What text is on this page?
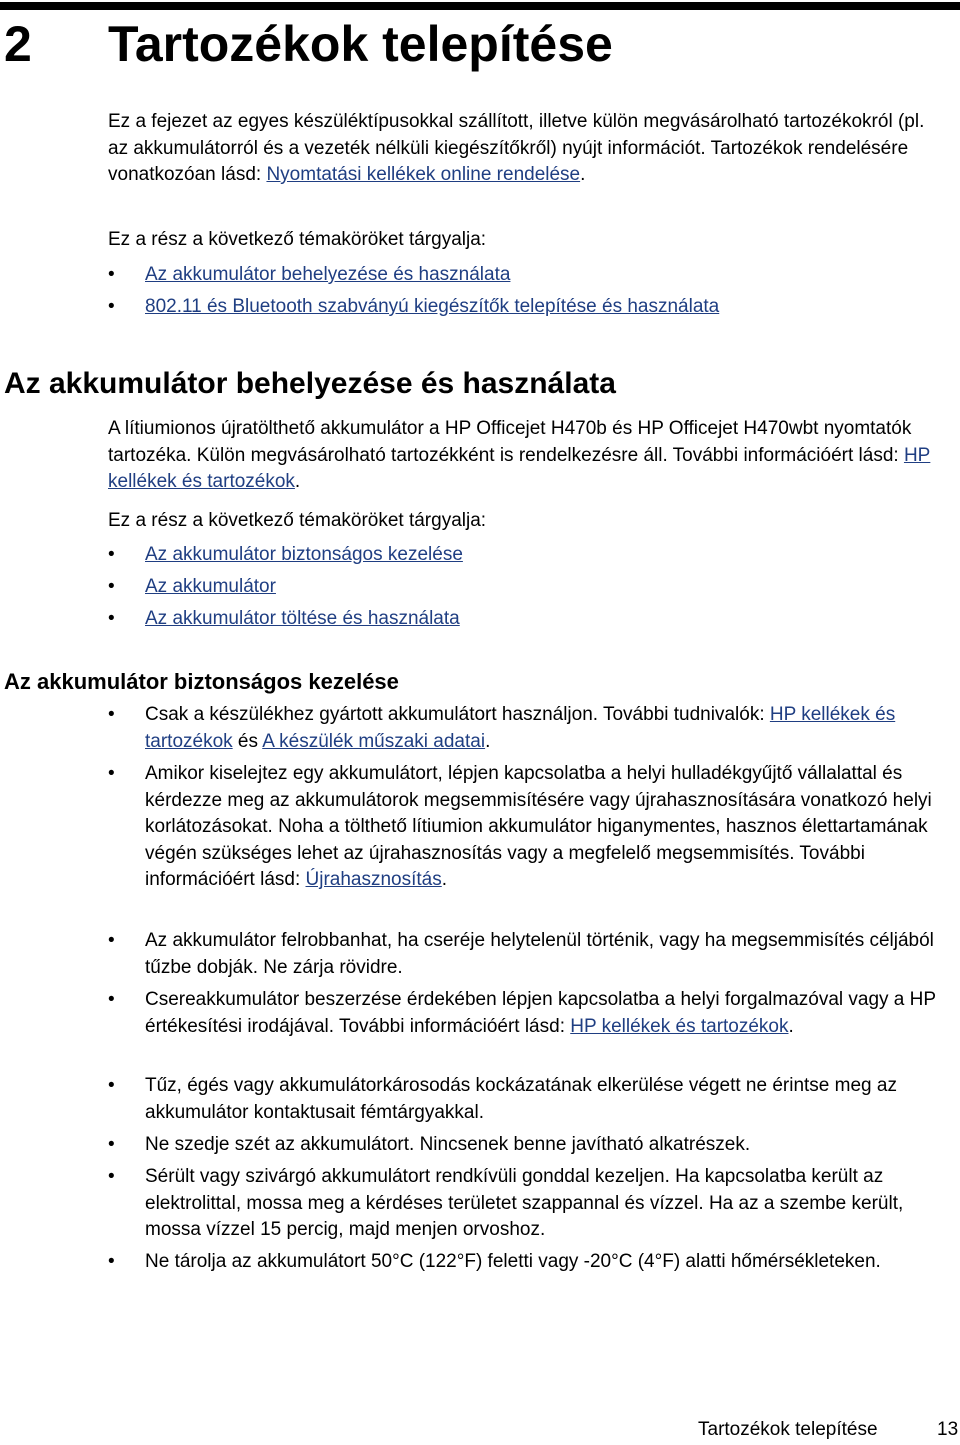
2 Tartozékok telepítése

Ez a fejezet az egyes készüléktípusokkal szállított, illetve külön megvásárolható tartozékokról (pl. az akkumulátorról és a vezeték nélküli kiegészítőkről) nyújt információt. Tartozékok rendelésére vonatkozóan lásd: Nyomtatási kellékek online rendelése.

Ez a rész a következő témaköröket tárgyalja:

• Az akkumulátor behelyezése és használata
• 802.11 és Bluetooth szabványú kiegészítők telepítése és használata
Az akkumulátor behelyezése és használata

A lítiumionos újratölthető akkumulátor a HP Officejet H470b és HP Officejet H470wbt nyomtatók tartozéka. Külön megvásárolható tartozékként is rendelkezésre áll. További információért lásd: HP kellékek és tartozékok.

Ez a rész a következő témaköröket tárgyalja:

• Az akkumulátor biztonságos kezelése
• Az akkumulátor
• Az akkumulátor töltése és használata
Az akkumulátor biztonságos kezelése
• Csak a készülékhez gyártott akkumulátort használjon. További tudnivalók: HP kellékek és tartozékok és A készülék műszaki adatai.
• Amikor kiselejtez egy akkumulátort, lépjen kapcsolatba a helyi hulladékgyűjtő vállalattal és kérdezze meg az akkumulátorok megsemmisítésére vagy újrahasznosítására vonatkozó helyi korlátozásokat. Noha a tölthető lítiumion akkumulátor higanymentes, hasznos élettartamának végén szükséges lehet az újrahasznosítás vagy a megfelelő megsemmisítés. További információért lásd: Újrahasznosítás.
• Az akkumulátor felrobbanhat, ha cseréje helytelenül történik, vagy ha megsemmisítés céljából tűzbe dobják. Ne zárja rövidre.
• Csereakkumulátor beszerzése érdekében lépjen kapcsolatba a helyi forgalmazóval vagy a HP értékesítési irodájával. További információért lásd: HP kellékek és tartozékok.
• Tűz, égés vagy akkumulátorkárosodás kockázatának elkerülése végett ne érintse meg az akkumulátor kontaktusait fémtárgyakkal.
• Ne szedje szét az akkumulátort. Nincsenek benne javítható alkatrészek.
• Sérült vagy szivárgó akkumulátort rendkívüli gonddal kezeljen. Ha kapcsolatba került az elektrolittal, mossa meg a kérdéses területet szappannal és vízzel. Ha az a szembe került, mossa vízzel 15 percig, majd menjen orvoshoz.
• Ne tárolja az akkumulátort 50°C (122°F) feletti vagy -20°C (4°F) alatti hőmérsékleteken.
Tartozékok telepítése	13
